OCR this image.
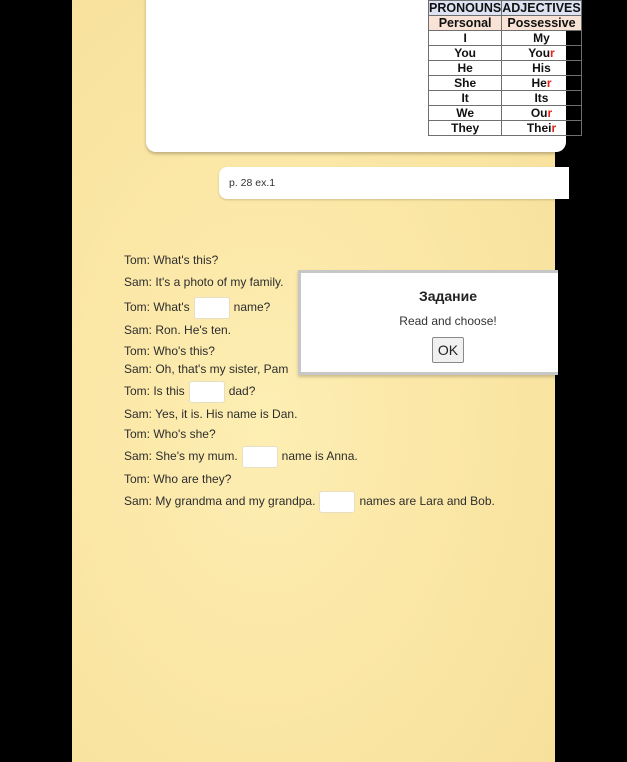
PRONOUNS	ADJECTIVES
Personal	Possessive
I	My
You	Your
He	His
She	Her
It	Its
We	Our
They	Their
p. 28 ex.1
Tom: What's this?
Sam: It's a photo of my family.
Tom: What's	name?
Sam: Ron. He's ten.
Tom: Who's this?
Sam: Oh, that's my sister, Pam
Tom: Is this	dad?
Sam: Yes, it is. His name is Dan.
Tom: Who's she?
Sam: She's my mum.	name is Anna.
Tom: Who are they?
Sam: My grandma and my grandpa.	names are Lara and Bob.
Задание
Read and choose!
OK
